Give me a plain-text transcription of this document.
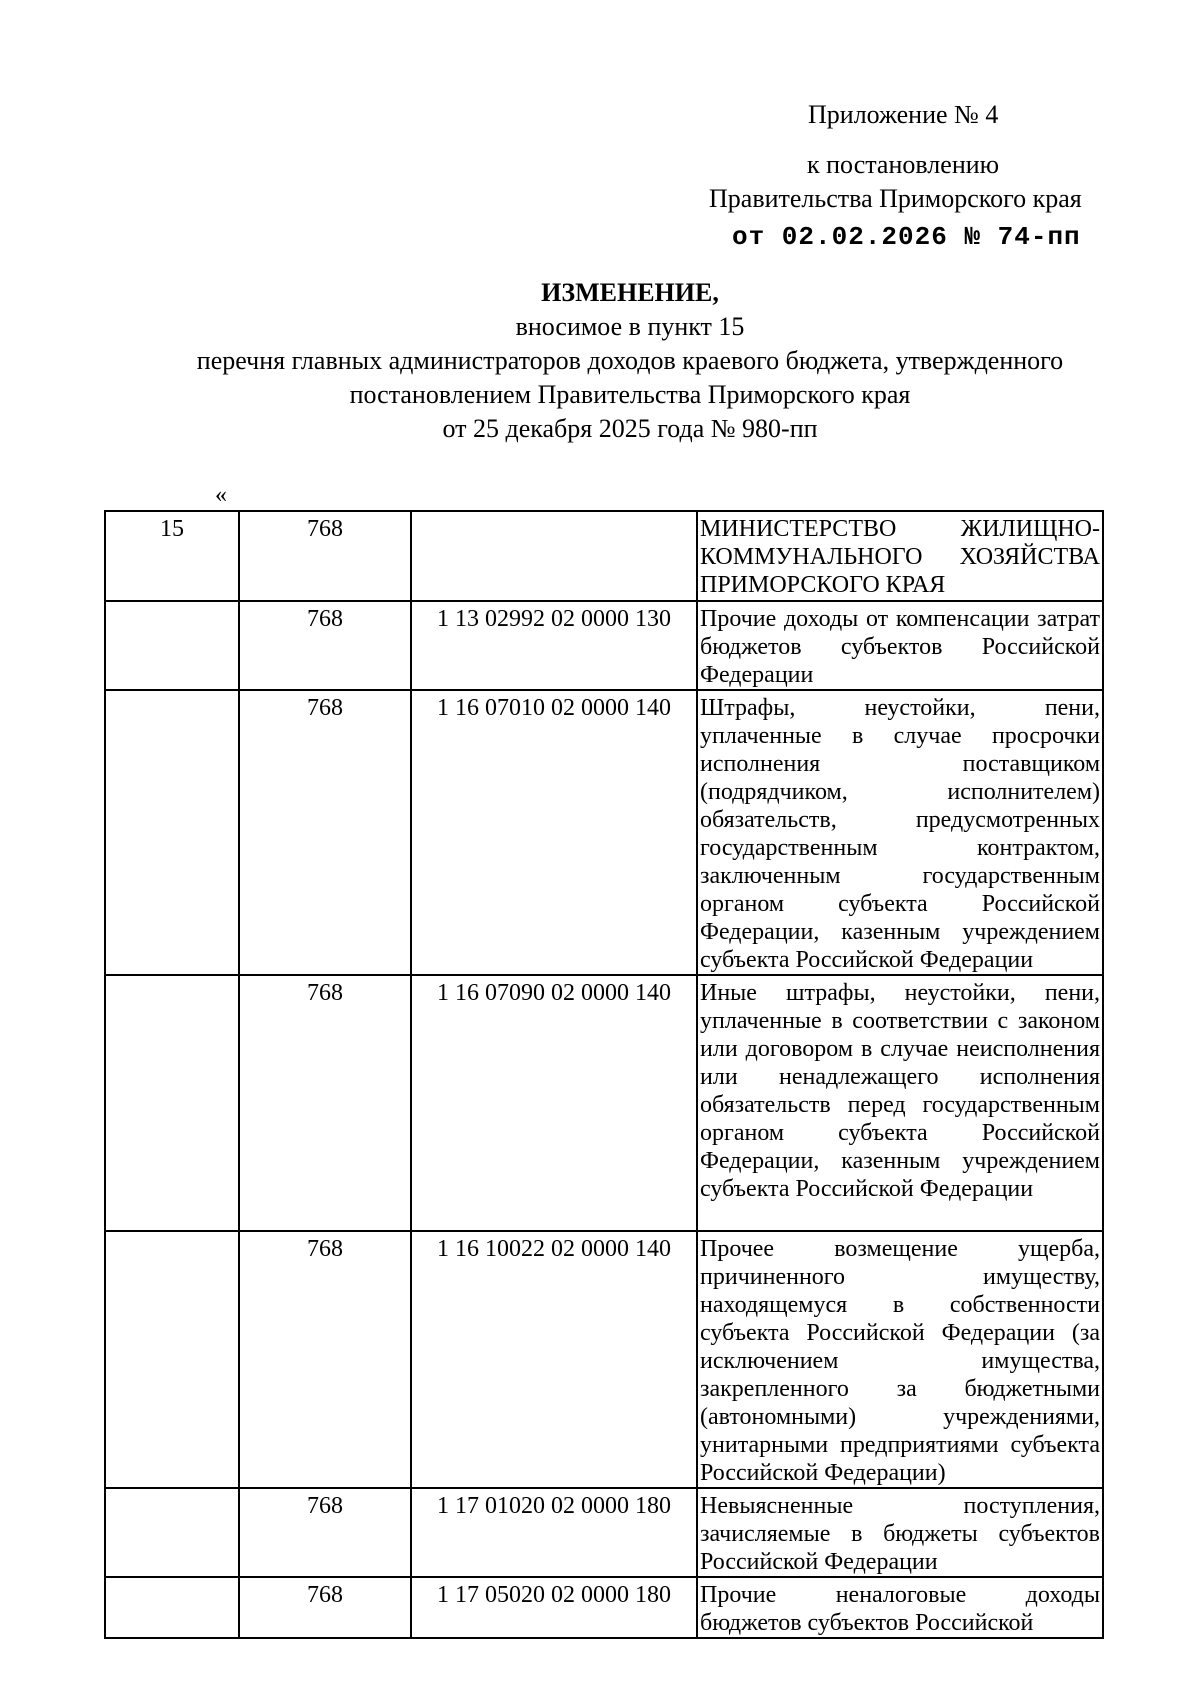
Приложение № 4
к постановлению
Правительства Приморского края
от 02.02.2026 № 74-пп
ИЗМЕНЕНИЕ,
вносимое в пункт 15
перечня главных администраторов доходов краевого бюджета, утвержденного
постановлением Правительства Приморского края
от 25 декабря 2025 года № 980-пп
«
15	768		МИНИСТЕРСТВО ЖИЛИЩНО-КОММУНАЛЬНОГО ХОЗЯЙСТВА ПРИМОРСКОГО КРАЯ
	768	1 13 02992 02 0000 130	Прочие доходы от компенсации затрат бюджетов субъектов Российской Федерации
	768	1 16 07010 02 0000 140	Штрафы, неустойки, пени, уплаченные в случае просрочки исполнения поставщиком (подрядчиком, исполнителем) обязательств, предусмотренных государственным контрактом, заключенным государственным органом субъекта Российской Федерации, казенным учреждением субъекта Российской Федерации
	768	1 16 07090 02 0000 140	Иные штрафы, неустойки, пени, уплаченные в соответствии с законом или договором в случае неисполнения или ненадлежащего исполнения обязательств перед государственным органом субъекта Российской Федерации, казенным учреждением субъекта Российской Федерации
	768	1 16 10022 02 0000 140	Прочее возмещение ущерба, причиненного имуществу, находящемуся в собственности субъекта Российской Федерации (за исключением имущества, закрепленного за бюджетными (автономными) учреждениями, унитарными предприятиями субъекта Российской Федерации)
	768	1 17 01020 02 0000 180	Невыясненные поступления, зачисляемые в бюджеты субъектов Российской Федерации
	768	1 17 05020 02 0000 180	Прочие неналоговые доходы бюджетов субъектов Российской
